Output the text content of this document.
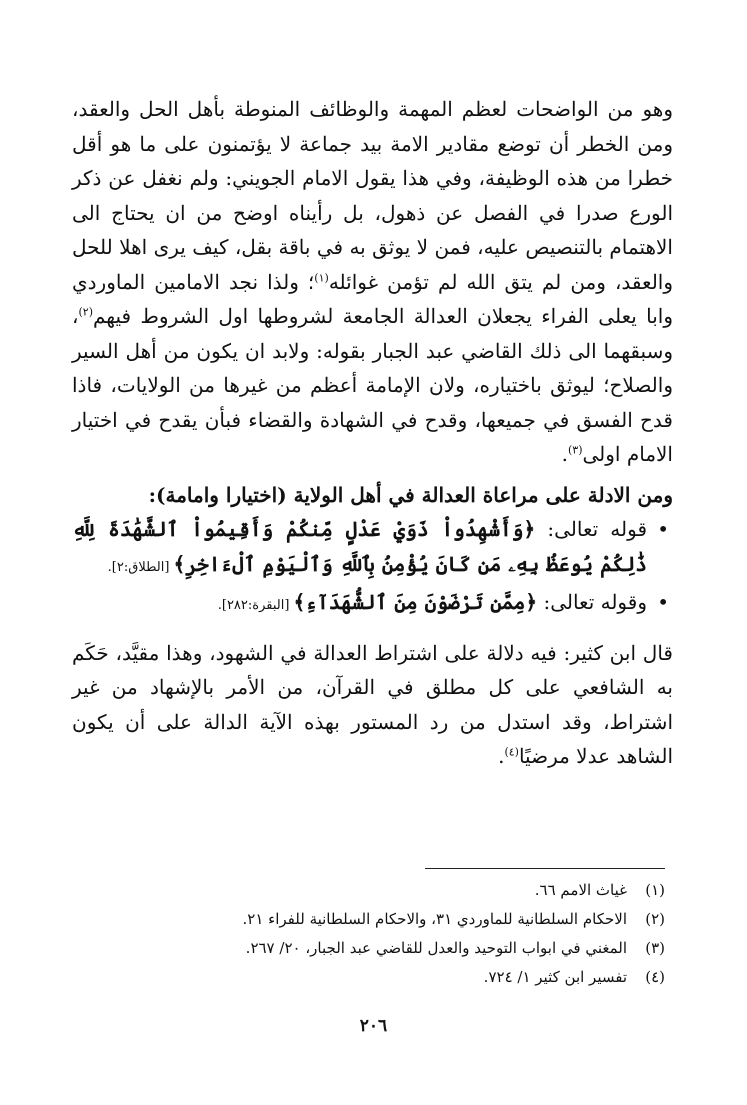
وهو من الواضحات لعظم المهمة والوظائف المنوطة بأهل الحل والعقد، ومن الخطر أن توضع مقادير الامة بيد جماعة لا يؤتمنون على ما هو أقل خطرا من هذه الوظيفة، وفي هذا يقول الامام الجويني: ولم نغفل عن ذكر الورع صدرا في الفصل عن ذهول، بل رأيناه اوضح من ان يحتاج الى الاهتمام بالتنصيص عليه، فمن لا يوثق به في باقة بقل، كيف يرى اهلا للحل والعقد، ومن لم يتق الله لم تؤمن غوائله$^{(١)}$؛ ولذا نجد الامامين الماوردي وابا يعلى الفراء يجعلان العدالة الجامعة لشروطها اول الشروط فيهم$^{(٢)}$، وسبقهما الى ذلك القاضي عبد الجبار بقوله: ولابد ان يكون من أهل السير والصلاح؛ ليوثق باختياره، ولان الإمامة أعظم من غيرها من الولايات، فاذا قدح الفسق في جميعها، وقدح في الشهادة والقضاء فبأن يقدح في اختيار الامام اولى$^{(٣)}$.

ومن الادلة على مراعاة العدالة في أهل الولاية (اختيارا وامامة):

• قوله تعالى: ﴿وَأَشْهِدُواْ ذَوَيْ عَدْلٍ مِّنكُمْ وَأَقِيمُواْ ٱلشَّهَٰدَةَ لِلَّهِ ذَٰلِكُمْ يُوعَظُ بِهِۦ مَن كَانَ يُؤْمِنُ بِٱللَّهِ وَٱلْيَوْمِ ٱلْءَاخِرِ﴾ [الطلاق:٢].

• وقوله تعالى: ﴿مِمَّن تَرْضَوْنَ مِنَ ٱلشُّهَدَآءِ﴾ [البقرة:٢٨٢].

قال ابن كثير: فيه دلالة على اشتراط العدالة في الشهود، وهذا مقيَّد، حَكَم به الشافعي على كل مطلق في القرآن، من الأمر بالإشهاد من غير اشتراط، وقد استدل من رد المستور بهذه الآية الدالة على أن يكون الشاهد عدلا مرضيًا$^{(٤)}$.

(١)
غياث الامم ٦٦.
(٢)
الاحكام السلطانية للماوردي ٣١، والاحكام السلطانية للفراء ٢١.
(٣)
المغني في ابواب التوحيد والعدل للقاضي عبد الجبار، ٢٠/ ٢٦٧.
(٤)
تفسير ابن كثير ١/ ٧٢٤.
٢٠٦
